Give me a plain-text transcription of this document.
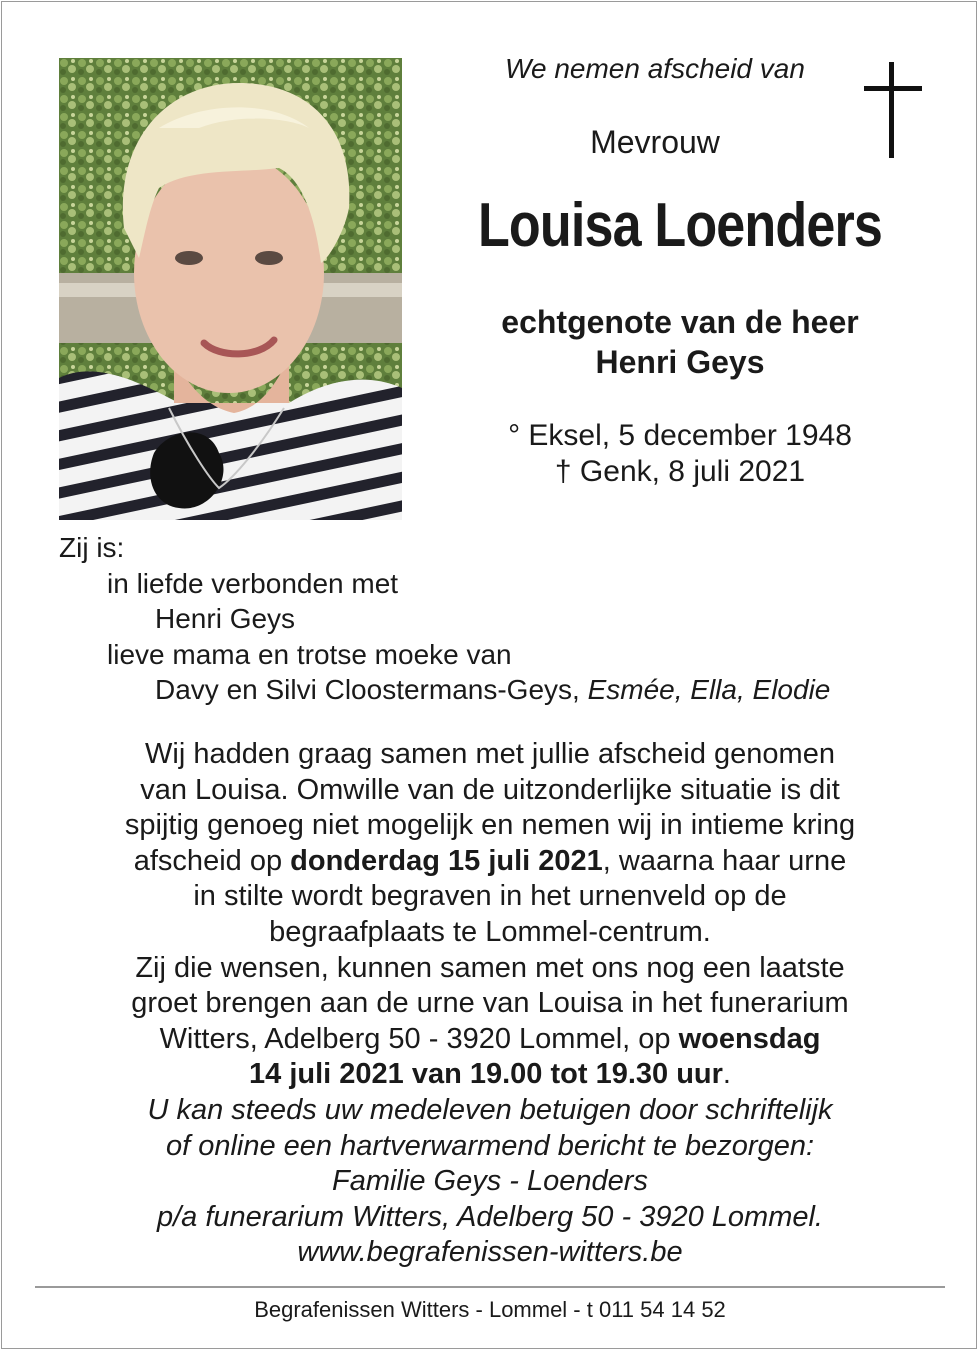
We nemen afscheid van
Mevrouw
Louisa Loenders
echtgenote van de heer
Henri Geys
° Eksel, 5 december 1948
† Genk, 8 juli 2021
Zij is:
in liefde verbonden met
Henri Geys
lieve mama en trotse moeke van
Davy en Silvi Cloostermans-Geys, Esmée, Ella, Elodie
Wij hadden graag samen met jullie afscheid genomen
van Louisa. Omwille van de uitzonderlijke situatie is dit
spijtig genoeg niet mogelijk en nemen wij in intieme kring
afscheid op donderdag 15 juli 2021, waarna haar urne
in stilte wordt begraven in het urnenveld op de
begraafplaats te Lommel-centrum.
Zij die wensen, kunnen samen met ons nog een laatste
groet brengen aan de urne van Louisa in het funerarium
Witters, Adelberg 50 - 3920 Lommel, op woensdag
14 juli 2021 van 19.00 tot 19.30 uur.
U kan steeds uw medeleven betuigen door schriftelijk
of online een hartverwarmend bericht te bezorgen:
Familie Geys - Loenders
p/a funerarium Witters, Adelberg 50 - 3920 Lommel.
www.begrafenissen-witters.be
Begrafenissen Witters - Lommel - t 011 54 14 52
